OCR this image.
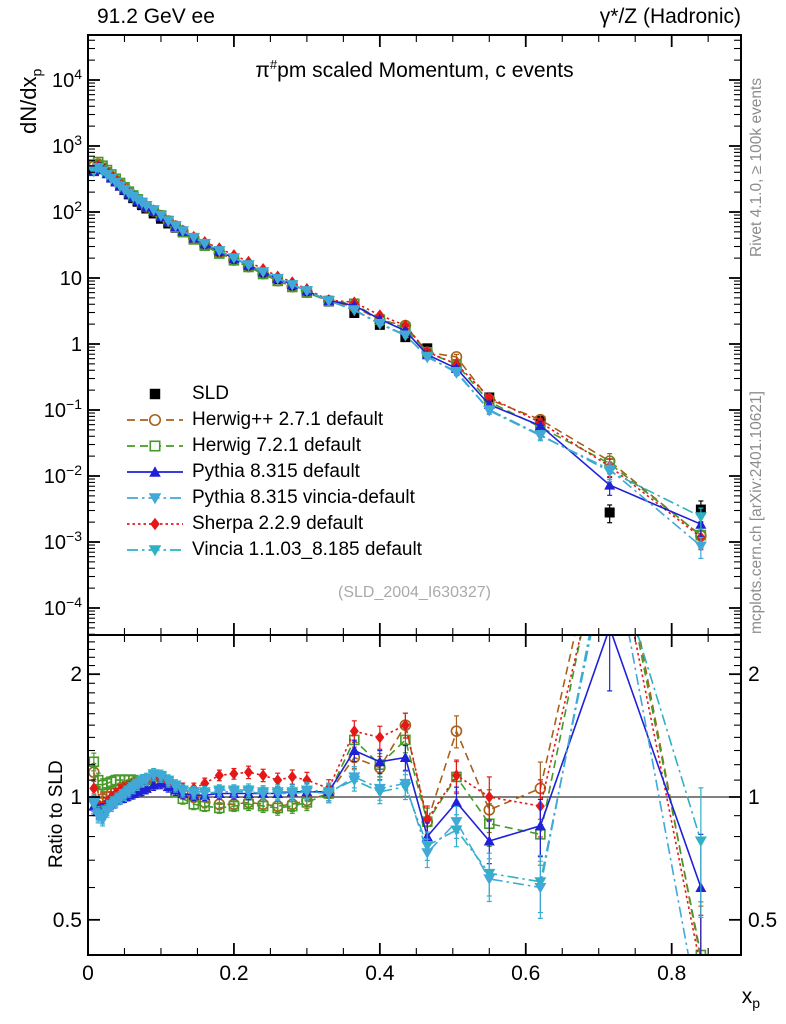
0	0.2	0.4	0.6	0.8
$10^4$
$10^3$
$10^2$
10
1
$10^{-1}$
$10^{-2}$
$10^{-3}$
$10^{-4}$
2	2
1	1
0.5	0.5
91.2 GeV ee	γ*/Z (Hadronic)
π#pm scaled Momentum, c events
$dN/dx_p$
Ratio to SLD
Rivet 4.1.0, ≥ 100k events
mcplots.cern.ch [arXiv:2401.10621]
(SLD_2004_I630327)
$x_p$
SLD
Herwig++ 2.7.1 default
Herwig 7.2.1 default
Pythia 8.315 default
Pythia 8.315 vincia-default
Sherpa 2.2.9 default
Vincia 1.1.03_8.185 default
